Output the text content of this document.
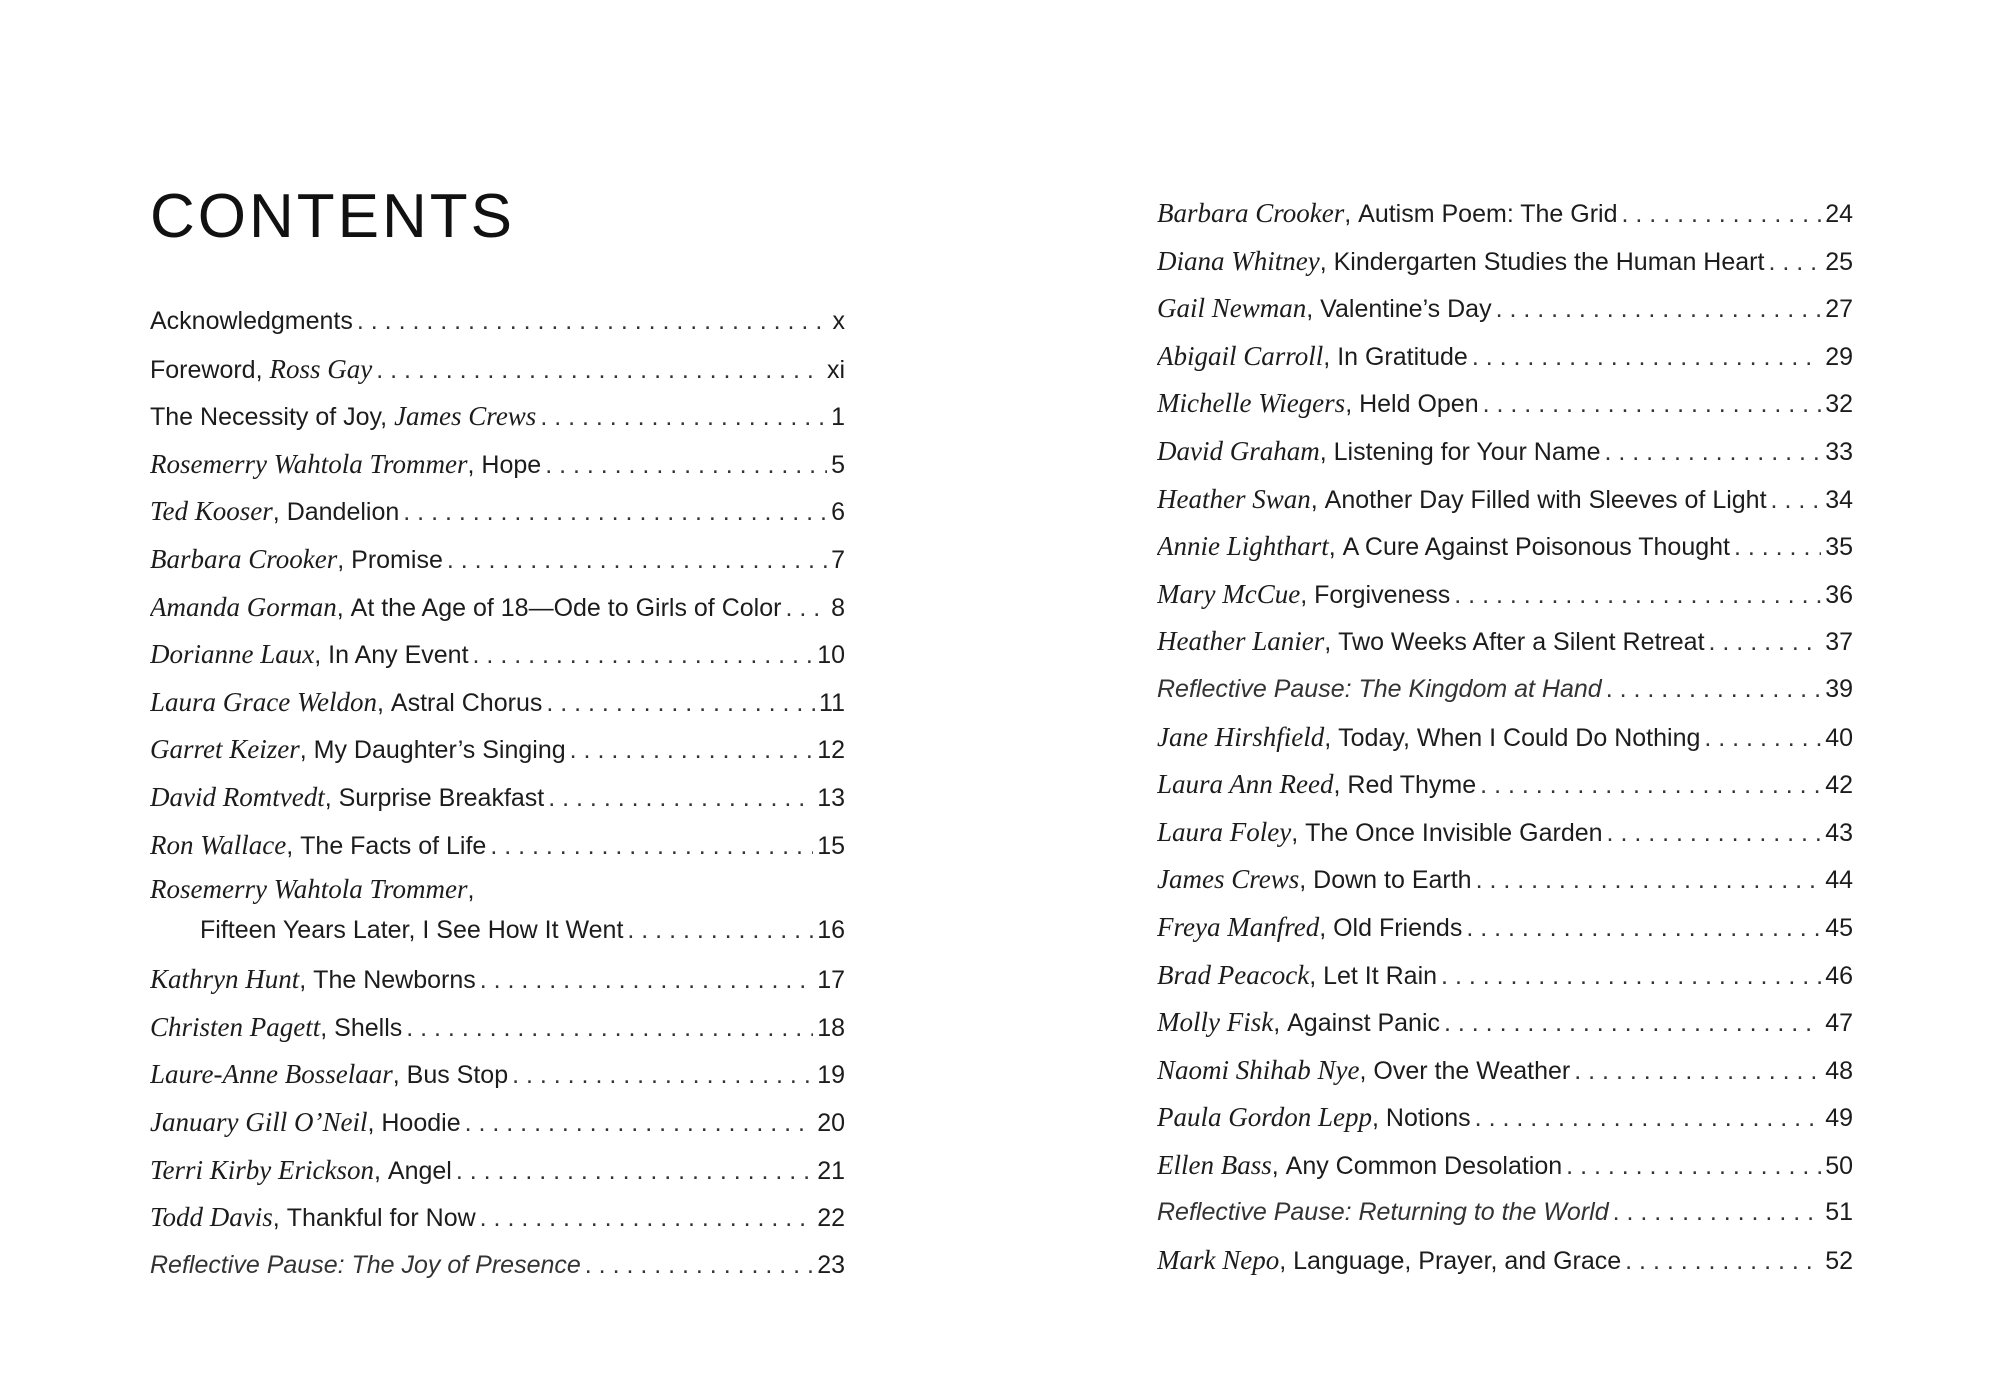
CONTENTS
Acknowledgments . . .	x
Foreword, Ross Gay . . .	xi
The Necessity of Joy, James Crews . . .	1
Rosemerry Wahtola Trommer , Hope . . .	5
Ted Kooser , Dandelion . . .	6
Barbara Crooker , Promise . . .	7
Amanda Gorman , At the Age of 18—Ode to Girls of Color . . . 8
Dorianne Laux , In Any Event . . .	10
Laura Grace Weldon , Astral Chorus . . .	11
Garret Keizer , My Daughter’s Singing . . .	12
David Romtvedt , Surprise Breakfast . . .	13
Ron Wallace , The Facts of Life . . .	15
Rosemerry Wahtola Trommer,
Fifteen Years Later, I See How It Went . . .	16
Kathryn Hunt , The Newborns . . .	17
Christen Pagett , Shells . . .	18
Laure-Anne Bosselaar , Bus Stop . . .	19
January Gill O’Neil , Hoodie . . .	20
Terri Kirby Erickson , Angel . . .	21
Todd Davis , Thankful for Now . . .	22
Reflective Pause: The Joy of Presence . . .	23
Barbara Crooker , Autism Poem: The Grid . . .	24
Diana Whitney , Kindergarten Studies the Human Heart . . . 25
Gail Newman , Valentine’s Day . . .	27
Abigail Carroll , In Gratitude . . .	29
Michelle Wiegers , Held Open . . .	32
David Graham , Listening for Your Name . . .	33
Heather Swan , Another Day Filled with Sleeves of Light . . . 34
Annie Lighthart , A Cure Against Poisonous Thought . . .	35
Mary McCue , Forgiveness . . .	36
Heather Lanier , Two Weeks After a Silent Retreat . . .	37
Reflective Pause: The Kingdom at Hand . . .	39
Jane Hirshfield , Today, When I Could Do Nothing . . .	40
Laura Ann Reed , Red Thyme . . .	42
Laura Foley , The Once Invisible Garden . . .	43
James Crews , Down to Earth . . .	44
Freya Manfred , Old Friends . . .	45
Brad Peacock , Let It Rain . . .	46
Molly Fisk , Against Panic . . .	47
Naomi Shihab Nye , Over the Weather . . .	48
Paula Gordon Lepp , Notions . . .	49
Ellen Bass , Any Common Desolation . . .	50
Reflective Pause: Returning to the World . . .	51
Mark Nepo , Language, Prayer, and Grace . . .	52
